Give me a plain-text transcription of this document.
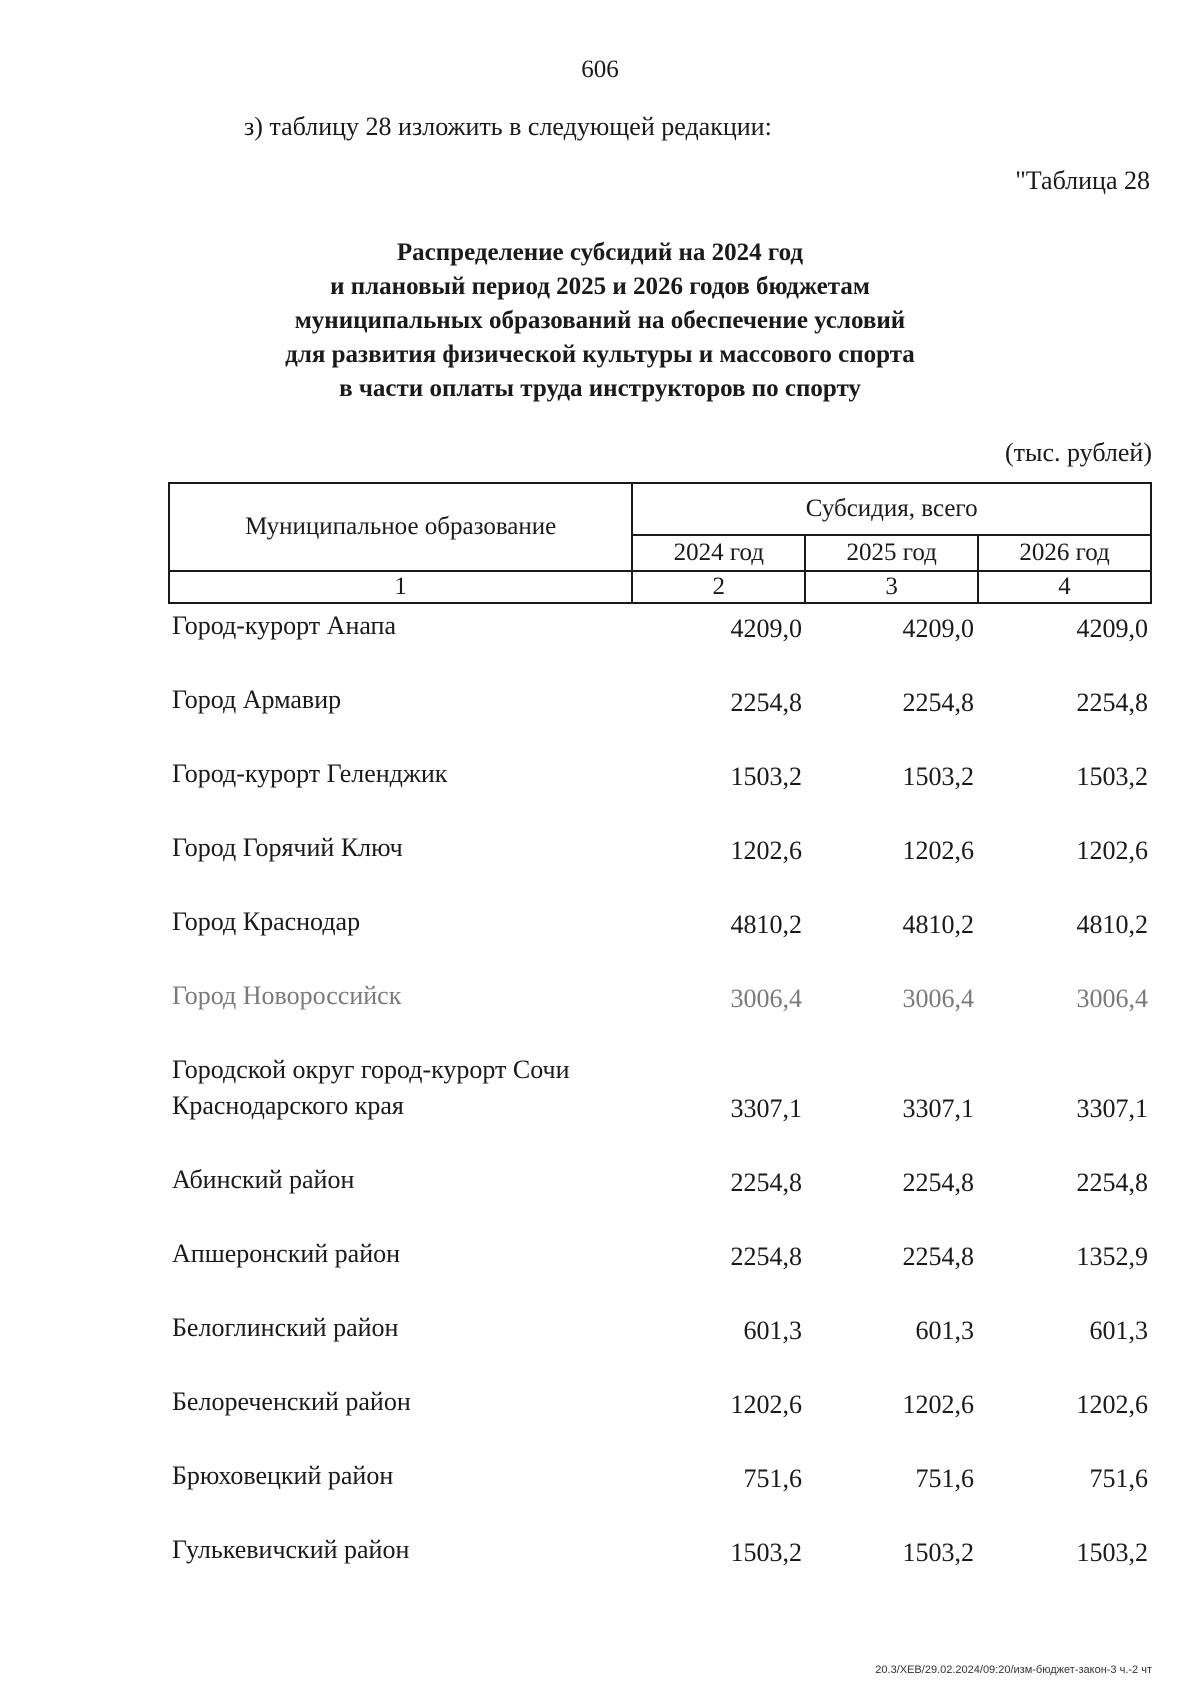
606
з) таблицу 28 изложить в следующей редакции:
"Таблица 28
Распределение субсидий на 2024 год
и плановый период 2025 и 2026 годов бюджетам
муниципальных образований на обеспечение условий
для развития физической культуры и массового спорта
в части оплаты труда инструкторов по спорту
(тыс. рублей)
Муниципальное образование	Субсидия, всего		
	2024 год	2025 год	2026 год
1	2	3	4
Город-курорт Анапа	4209,0	4209,0	4209,0
Город Армавир	2254,8	2254,8	2254,8
Город-курорт Геленджик	1503,2	1503,2	1503,2
Город Горячий Ключ	1202,6	1202,6	1202,6
Город Краснодар	4810,2	4810,2	4810,2
Город Новороссийск	3006,4	3006,4	3006,4
Городской округ город-курорт Сочи
Краснодарского края	3307,1	3307,1	3307,1
Абинский район	2254,8	2254,8	2254,8
Апшеронский район	2254,8	2254,8	1352,9
Белоглинский район	601,3	601,3	601,3
Белореченский район	1202,6	1202,6	1202,6
Брюховецкий район	751,6	751,6	751,6
Гулькевичский район	1503,2	1503,2	1503,2
20.3/ХЕВ/29.02.2024/09:20/изм-бюджет-закон-3 ч.-2 чт
